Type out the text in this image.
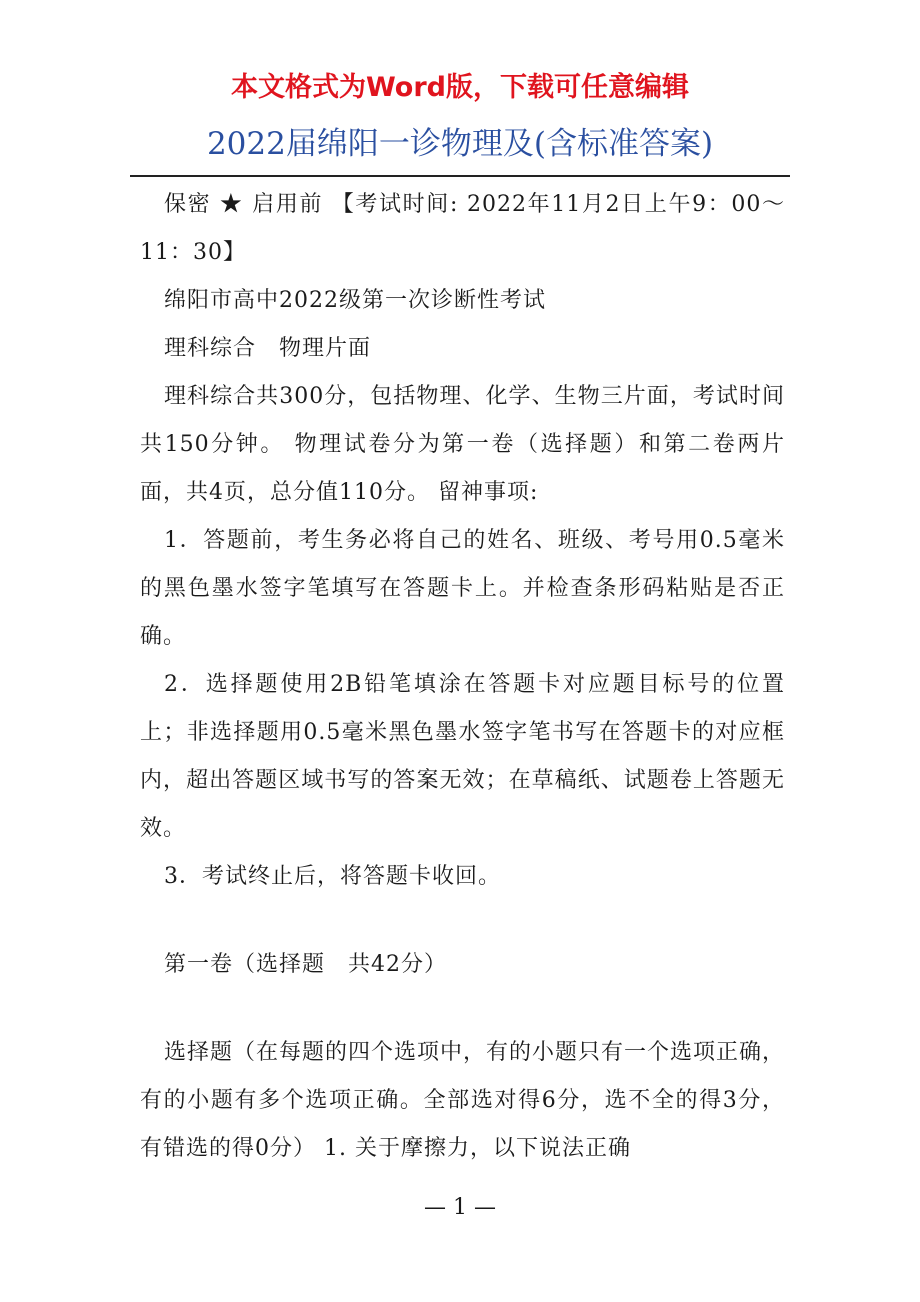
本文格式为Word版，下载可任意编辑
2022届绵阳一诊物理及(含标准答案)

保密 ★ 启用前 【考试时间: 2022年11月2日上午9：00～11：30】

绵阳市高中2022级第一次诊断性考试

理科综合　物理片面

理科综合共300分，包括物理、化学、生物三片面，考试时间共150分钟。 物理试卷分为第一卷（选择题）和第二卷两片面，共4页，总分值110分。 留神事项:

1．答题前，考生务必将自己的姓名、班级、考号用0.5毫米的黑色墨水签字笔填写在答题卡上。并检查条形码粘贴是否正确。

2．选择题使用2B铅笔填涂在答题卡对应题目标号的位置上；非选择题用0.5毫米黑色墨水签字笔书写在答题卡的对应框内，超出答题区域书写的答案无效；在草稿纸、试题卷上答题无效。

3．考试终止后，将答题卡收回。

第一卷（选择题　共42分）

选择题（在每题的四个选项中，有的小题只有一个选项正确，有的小题有多个选项正确。全部选对得6分，选不全的得3分，有错选的得0分） 1. 关于摩擦力，以下说法正确

— 1 —
